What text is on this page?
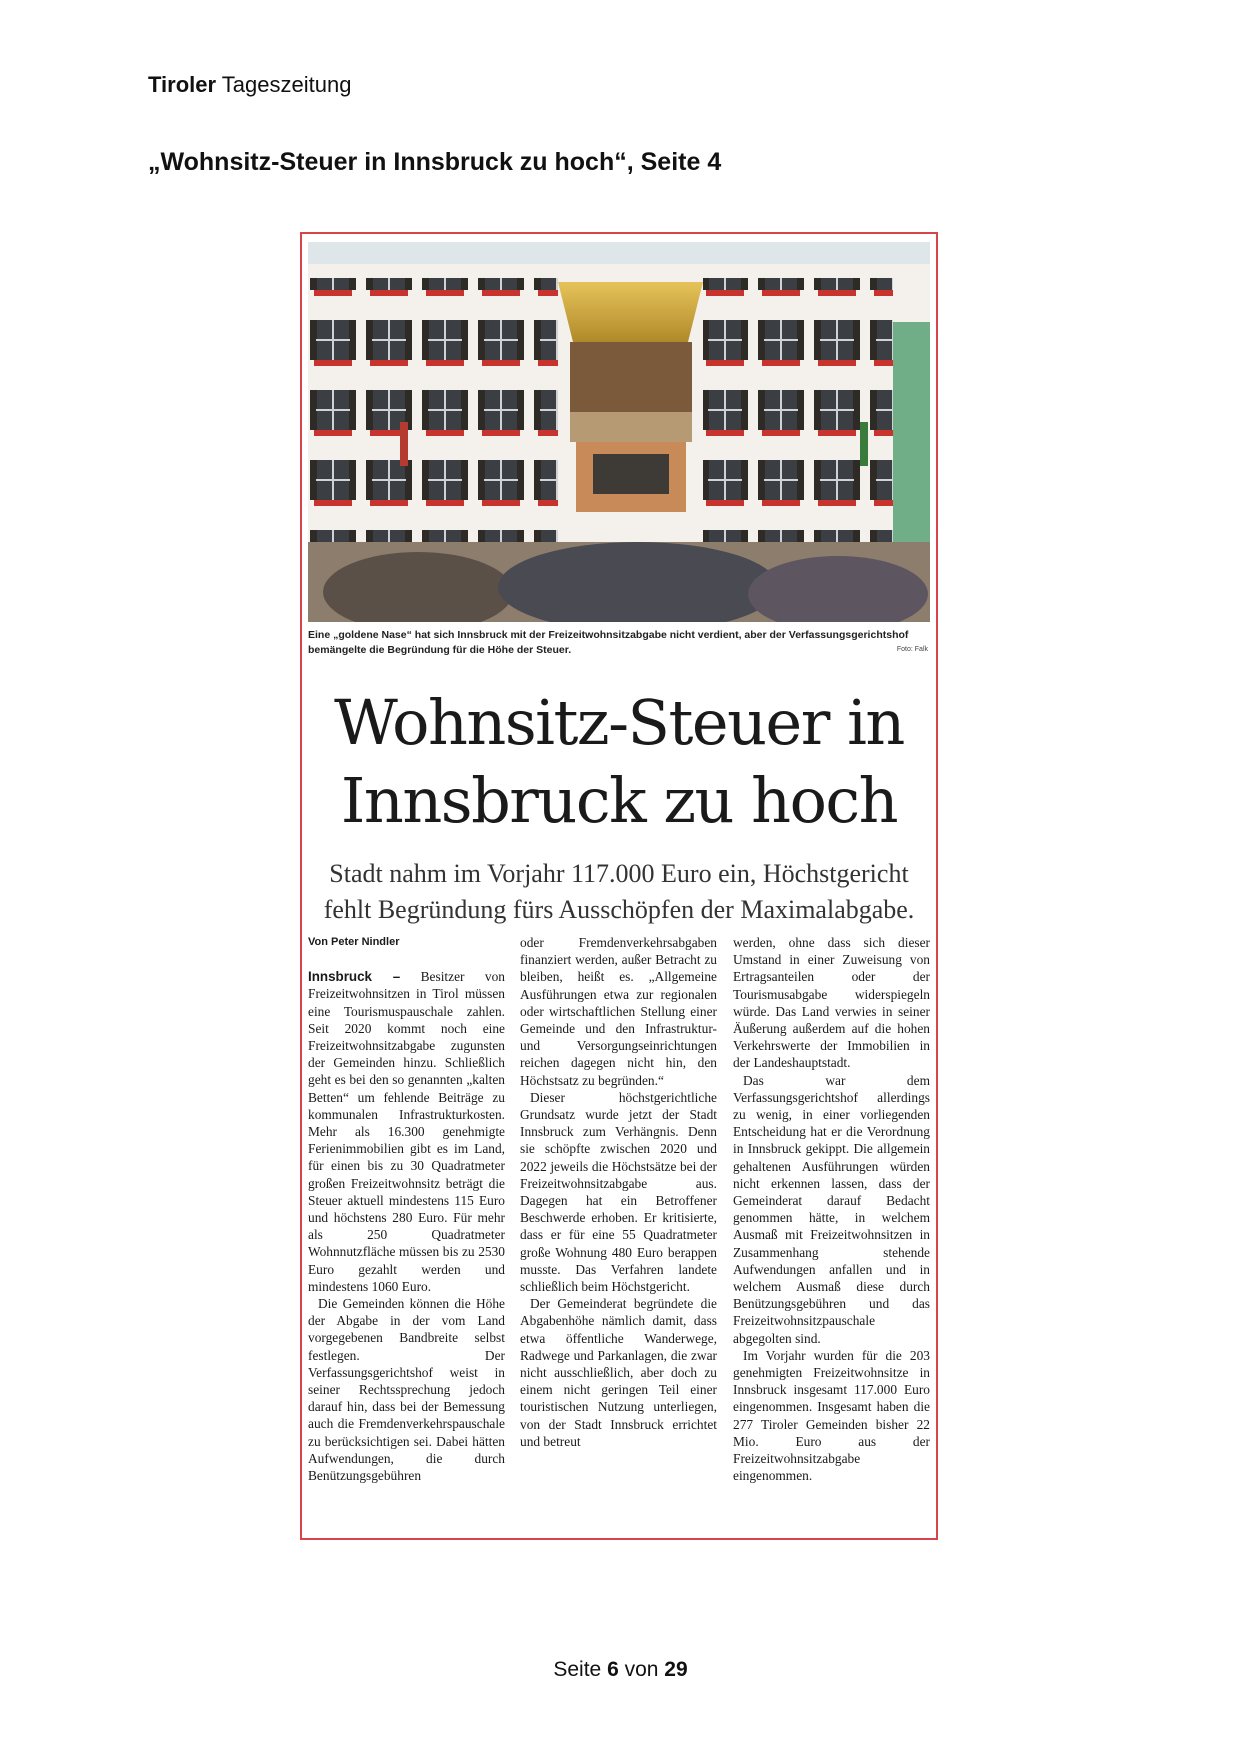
Tiroler Tageszeitung
„Wohnsitz-Steuer in Innsbruck zu hoch“, Seite 4
Eine „goldene Nase“ hat sich Innsbruck mit der Freizeitwohnsitzabgabe nicht verdient, aber der Verfassungsgerichtshof bemängelte die Begründung für die Höhe der Steuer.	Foto: Falk
Wohnsitz-Steuer in
Innsbruck zu hoch
Stadt nahm im Vorjahr 117.000 Euro ein, Höchstgericht
fehlt Begründung fürs Ausschöpfen der Maximalabgabe.
Von Peter Nindler

Innsbruck – Besitzer von Freizeitwohnsitzen in Tirol müssen eine Tourismuspauschale zahlen. Seit 2020 kommt noch eine Freizeitwohnsitzabgabe zugunsten der Gemeinden hinzu. Schließlich geht es bei den so genannten „kalten Betten“ um fehlende Beiträge zu kommunalen Infrastrukturkosten. Mehr als 16.300 genehmigte Ferienimmobilien gibt es im Land, für einen bis zu 30 Quadratmeter großen Freizeitwohnsitz beträgt die Steuer aktuell mindestens 115 Euro und höchstens 280 Euro. Für mehr als 250 Quadratmeter Wohnnutzfläche müssen bis zu 2530 Euro gezahlt werden und mindestens 1060 Euro.

Die Gemeinden können die Höhe der Abgabe in der vom Land vorgegebenen Bandbreite selbst festlegen. Der Verfassungsgerichtshof weist in seiner Rechtssprechung jedoch darauf hin, dass bei der Bemessung auch die Fremdenverkehrspauschale zu berücksichtigen sei. Dabei hätten Aufwendungen, die durch Benützungsgebühren

oder Fremdenverkehrsabgaben finanziert werden, außer Betracht zu bleiben, heißt es. „Allgemeine Ausführungen etwa zur regionalen oder wirtschaftlichen Stellung einer Gemeinde und den Infrastruktur- und Versorgungseinrichtungen reichen dagegen nicht hin, den Höchstsatz zu begründen.“

Dieser höchstgerichtliche Grundsatz wurde jetzt der Stadt Innsbruck zum Verhängnis. Denn sie schöpfte zwischen 2020 und 2022 jeweils die Höchstsätze bei der Freizeitwohnsitzabgabe aus. Dagegen hat ein Betroffener Beschwerde erhoben. Er kritisierte, dass er für eine 55 Quadratmeter große Wohnung 480 Euro berappen musste. Das Verfahren landete schließlich beim Höchstgericht.

Der Gemeinderat begründete die Abgabenhöhe nämlich damit, dass etwa öffentliche Wanderwege, Radwege und Parkanlagen, die zwar nicht ausschließlich, aber doch zu einem nicht geringen Teil einer touristischen Nutzung unterliegen, von der Stadt Innsbruck errichtet und betreut

werden, ohne dass sich dieser Umstand in einer Zuweisung von Ertragsanteilen oder der Tourismusabgabe widerspiegeln würde. Das Land verwies in seiner Äußerung außerdem auf die hohen Verkehrswerte der Immobilien in der Landeshauptstadt.

Das war dem Verfassungsgerichtshof allerdings zu wenig, in einer vorliegenden Entscheidung hat er die Verordnung in Innsbruck gekippt. Die allgemein gehaltenen Ausführungen würden nicht erkennen lassen, dass der Gemeinderat darauf Bedacht genommen hätte, in welchem Ausmaß mit Freizeitwohnsitzen in Zusammenhang stehende Aufwendungen anfallen und in welchem Ausmaß diese durch Benützungsgebühren und das Freizeitwohnsitzpauschale abgegolten sind.

Im Vorjahr wurden für die 203 genehmigten Freizeitwohnsitze in Innsbruck insgesamt 117.000 Euro eingenommen. Insgesamt haben die 277 Tiroler Gemeinden bisher 22 Mio. Euro aus der Freizeitwohnsitzabgabe eingenommen.

Seite 6 von 29
